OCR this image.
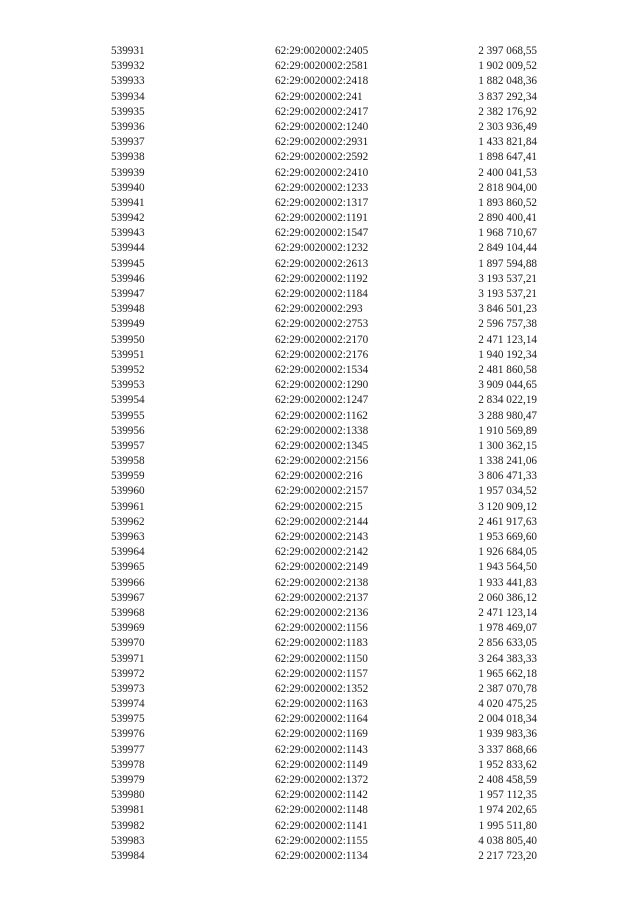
539931	62:29:0020002:2405	2 397 068,55
539932	62:29:0020002:2581	1 902 009,52
539933	62:29:0020002:2418	1 882 048,36
539934	62:29:0020002:241	3 837 292,34
539935	62:29:0020002:2417	2 382 176,92
539936	62:29:0020002:1240	2 303 936,49
539937	62:29:0020002:2931	1 433 821,84
539938	62:29:0020002:2592	1 898 647,41
539939	62:29:0020002:2410	2 400 041,53
539940	62:29:0020002:1233	2 818 904,00
539941	62:29:0020002:1317	1 893 860,52
539942	62:29:0020002:1191	2 890 400,41
539943	62:29:0020002:1547	1 968 710,67
539944	62:29:0020002:1232	2 849 104,44
539945	62:29:0020002:2613	1 897 594,88
539946	62:29:0020002:1192	3 193 537,21
539947	62:29:0020002:1184	3 193 537,21
539948	62:29:0020002:293	3 846 501,23
539949	62:29:0020002:2753	2 596 757,38
539950	62:29:0020002:2170	2 471 123,14
539951	62:29:0020002:2176	1 940 192,34
539952	62:29:0020002:1534	2 481 860,58
539953	62:29:0020002:1290	3 909 044,65
539954	62:29:0020002:1247	2 834 022,19
539955	62:29:0020002:1162	3 288 980,47
539956	62:29:0020002:1338	1 910 569,89
539957	62:29:0020002:1345	1 300 362,15
539958	62:29:0020002:2156	1 338 241,06
539959	62:29:0020002:216	3 806 471,33
539960	62:29:0020002:2157	1 957 034,52
539961	62:29:0020002:215	3 120 909,12
539962	62:29:0020002:2144	2 461 917,63
539963	62:29:0020002:2143	1 953 669,60
539964	62:29:0020002:2142	1 926 684,05
539965	62:29:0020002:2149	1 943 564,50
539966	62:29:0020002:2138	1 933 441,83
539967	62:29:0020002:2137	2 060 386,12
539968	62:29:0020002:2136	2 471 123,14
539969	62:29:0020002:1156	1 978 469,07
539970	62:29:0020002:1183	2 856 633,05
539971	62:29:0020002:1150	3 264 383,33
539972	62:29:0020002:1157	1 965 662,18
539973	62:29:0020002:1352	2 387 070,78
539974	62:29:0020002:1163	4 020 475,25
539975	62:29:0020002:1164	2 004 018,34
539976	62:29:0020002:1169	1 939 983,36
539977	62:29:0020002:1143	3 337 868,66
539978	62:29:0020002:1149	1 952 833,62
539979	62:29:0020002:1372	2 408 458,59
539980	62:29:0020002:1142	1 957 112,35
539981	62:29:0020002:1148	1 974 202,65
539982	62:29:0020002:1141	1 995 511,80
539983	62:29:0020002:1155	4 038 805,40
539984	62:29:0020002:1134	2 217 723,20
